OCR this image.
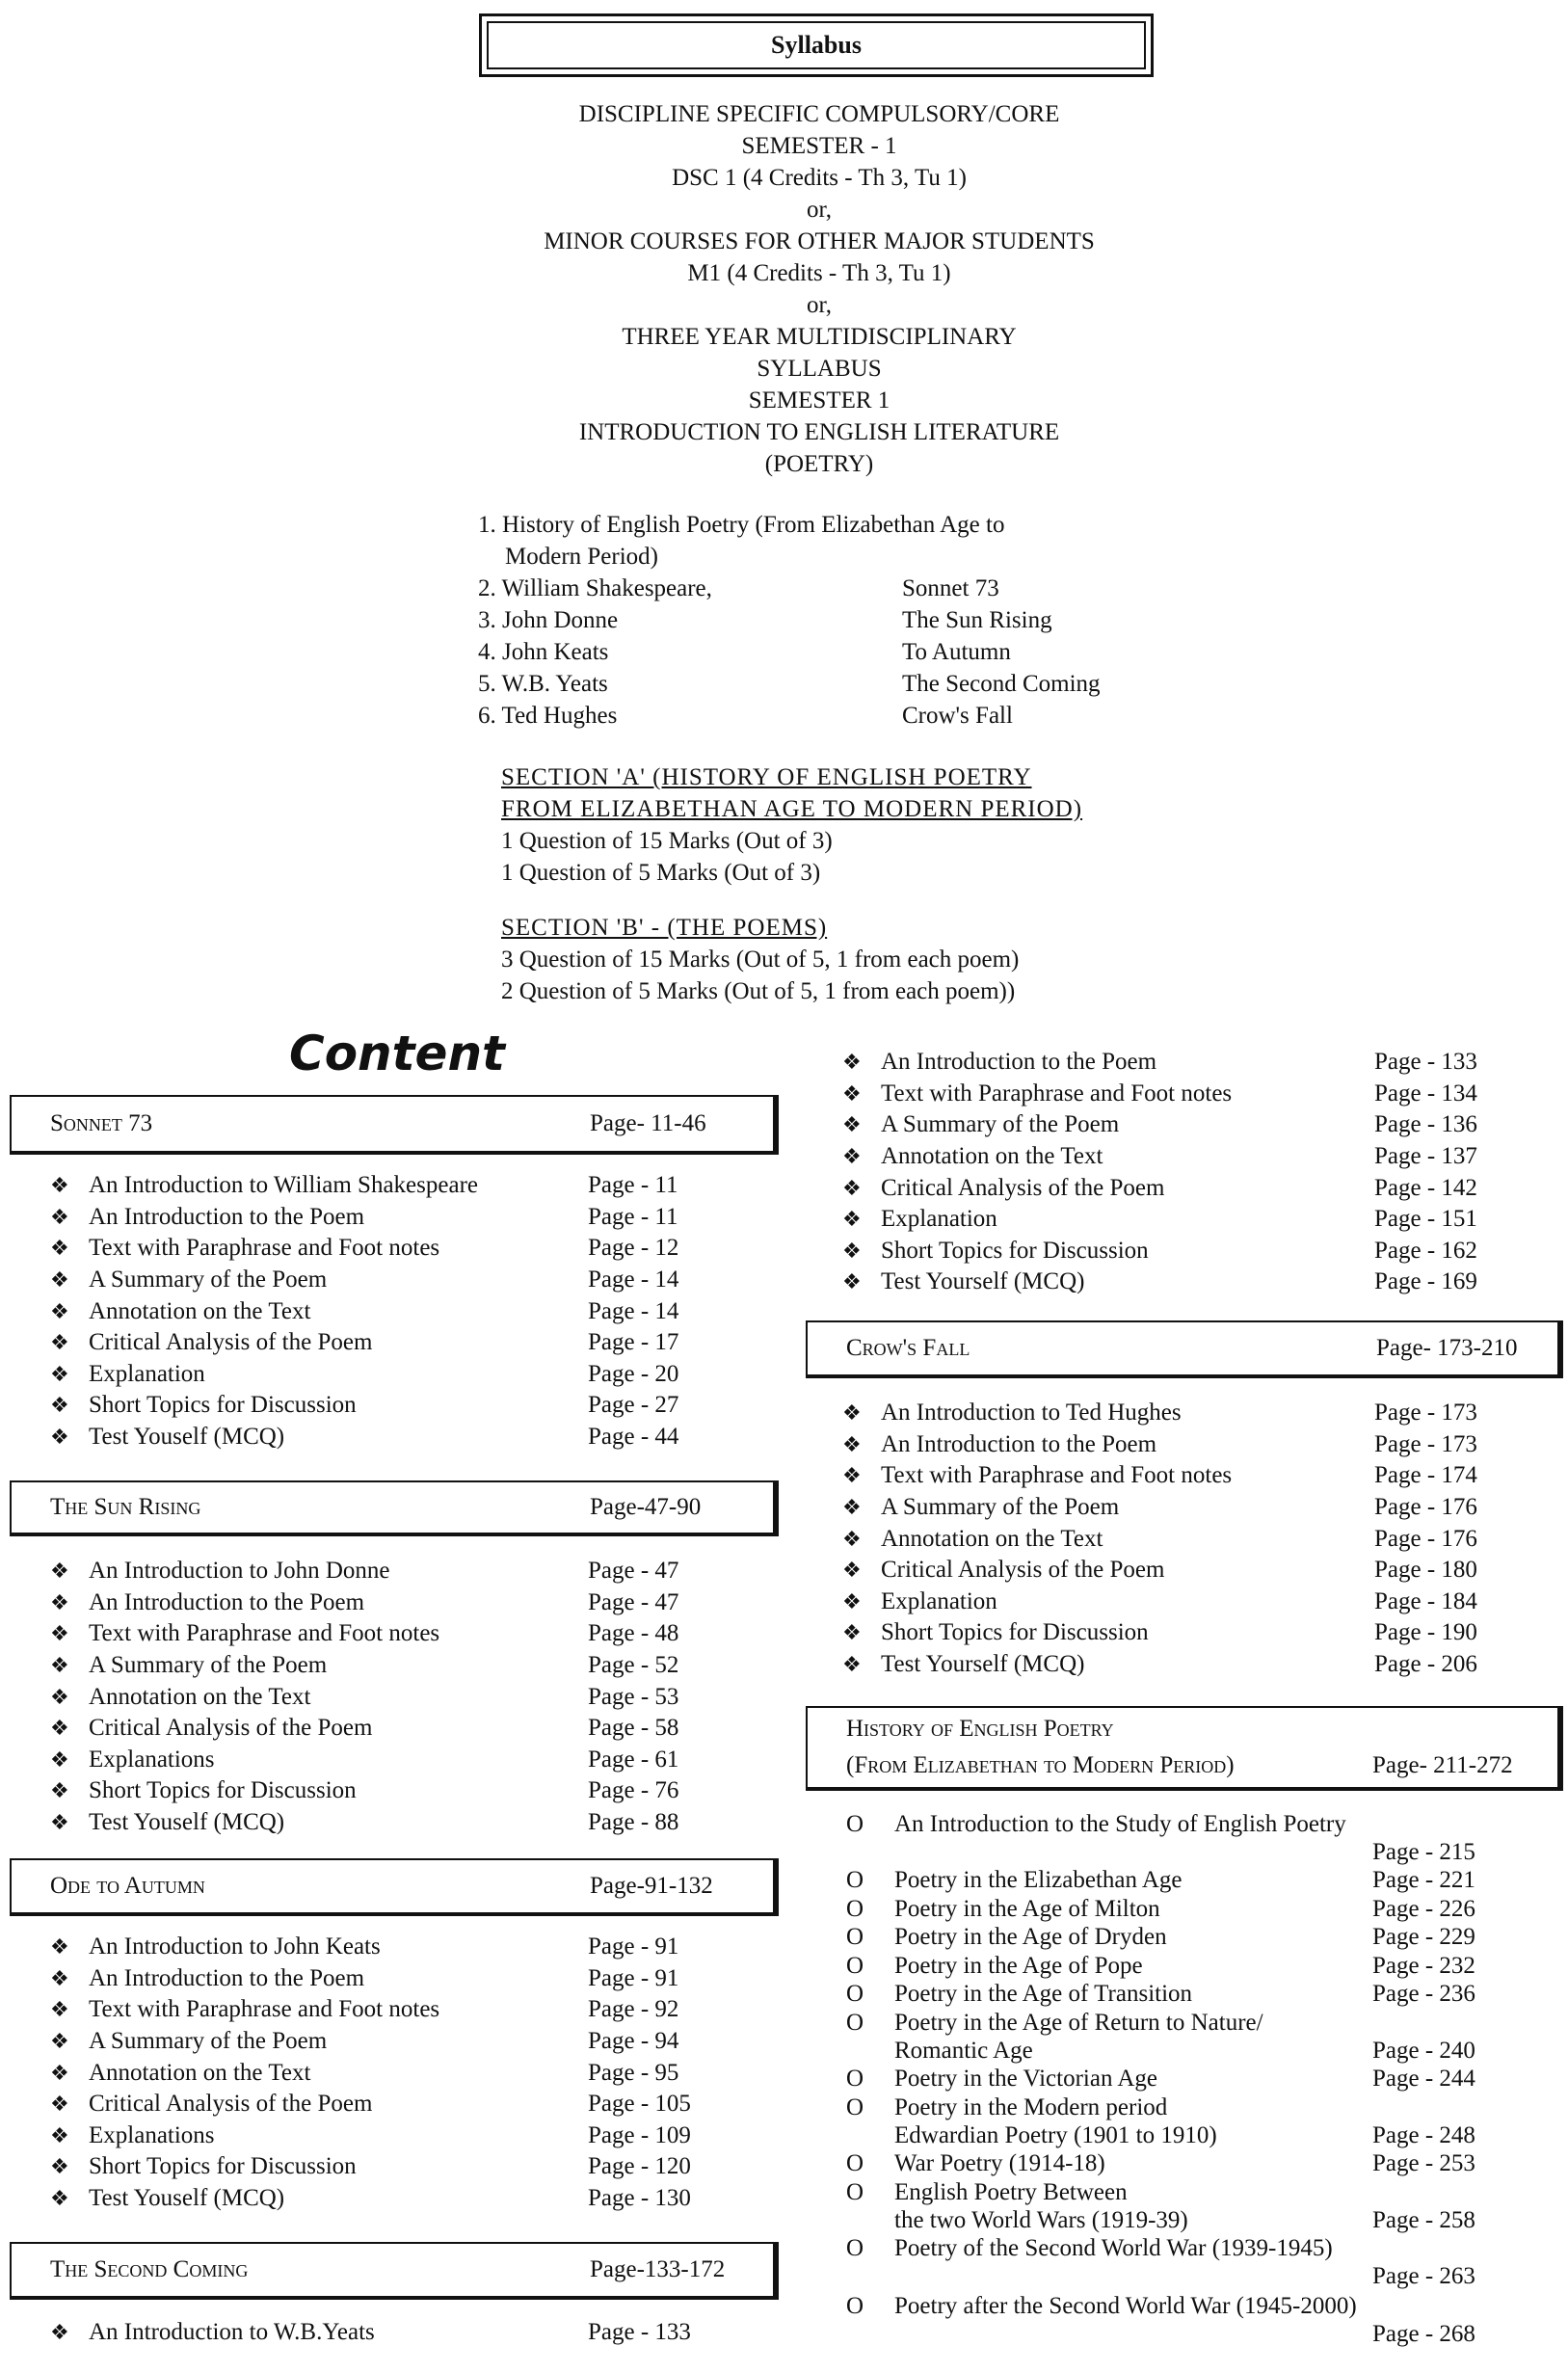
Syllabus
DISCIPLINE SPECIFIC COMPULSORY/CORE
SEMESTER - 1
DSC 1 (4 Credits - Th 3, Tu 1)
or,
MINOR COURSES FOR OTHER MAJOR STUDENTS
M1 (4 Credits - Th 3, Tu 1)
or,
THREE YEAR MULTIDISCIPLINARY
SYLLABUS
SEMESTER 1
INTRODUCTION TO ENGLISH LITERATURE
(POETRY)
1. History of English Poetry (From Elizabethan Age to
Modern Period)
2. William Shakespeare,	Sonnet 73
3. John Donne	The Sun Rising
4. John Keats	To Autumn
5. W.B. Yeats	The Second Coming
6. Ted Hughes	Crow's Fall
SECTION 'A' (HISTORY OF ENGLISH POETRY
FROM ELIZABETHAN AGE TO MODERN PERIOD)
1 Question of 15 Marks (Out of 3)
1 Question of 5 Marks (Out of 3)
SECTION 'B' - (THE POEMS)
3 Question of 15 Marks (Out of 5, 1 from each poem)
2 Question of 5 Marks (Out of 5, 1 from each poem))
Content
Sonnet 73	Page- 11-46
❖ An Introduction to William Shakespeare	Page - 11
❖ An Introduction to the Poem	Page - 11
❖ Text with Paraphrase and Foot notes	Page - 12
❖ A Summary of the Poem	Page - 14
❖ Annotation on the Text	Page - 14
❖ Critical Analysis of the Poem	Page - 17
❖ Explanation	Page - 20
❖ Short Topics for Discussion	Page - 27
❖ Test Youself (MCQ)	Page - 44
The Sun Rising	Page-47-90
❖ An Introduction to John Donne	Page - 47
❖ An Introduction to the Poem	Page - 47
❖ Text with Paraphrase and Foot notes	Page - 48
❖ A Summary of the Poem	Page - 52
❖ Annotation on the Text	Page - 53
❖ Critical Analysis of the Poem	Page - 58
❖ Explanations	Page - 61
❖ Short Topics for Discussion	Page - 76
❖ Test Youself (MCQ)	Page - 88
Ode to Autumn	Page-91-132
❖ An Introduction to John Keats	Page - 91
❖ An Introduction to the Poem	Page - 91
❖ Text with Paraphrase and Foot notes	Page - 92
❖ A Summary of the Poem	Page - 94
❖ Annotation on the Text	Page - 95
❖ Critical Analysis of the Poem	Page - 105
❖ Explanations	Page - 109
❖ Short Topics for Discussion	Page - 120
❖ Test Youself (MCQ)	Page - 130
The Second Coming	Page-133-172
❖ An Introduction to W.B.Yeats	Page - 133
❖ An Introduction to the Poem	Page - 133
❖ Text with Paraphrase and Foot notes	Page - 134
❖ A Summary of the Poem	Page - 136
❖ Annotation on the Text	Page - 137
❖ Critical Analysis of the Poem	Page - 142
❖ Explanation	Page - 151
❖ Short Topics for Discussion	Page - 162
❖ Test Yourself (MCQ)	Page - 169
Crow's Fall	Page- 173-210
❖ An Introduction to Ted Hughes	Page - 173
❖ An Introduction to the Poem	Page - 173
❖ Text with Paraphrase and Foot notes	Page - 174
❖ A Summary of the Poem	Page - 176
❖ Annotation on the Text	Page - 176
❖ Critical Analysis of the Poem	Page - 180
❖ Explanation	Page - 184
❖ Short Topics for Discussion	Page - 190
❖ Test Yourself (MCQ)	Page - 206
History of English Poetry
(From Elizabethan to Modern Period)	Page- 211-272
O An Introduction to the Study of English Poetry
Page - 215
O Poetry in the Elizabethan Age	Page - 221
O Poetry in the Age of Milton	Page - 226
O Poetry in the Age of Dryden	Page - 229
O Poetry in the Age of Pope	Page - 232
O Poetry in the Age of Transition	Page - 236
O Poetry in the Age of Return to Nature/
Romantic Age	Page - 240
O Poetry in the Victorian Age	Page - 244
O Poetry in the Modern period
Edwardian Poetry (1901 to 1910)	Page - 248
O War Poetry (1914-18)	Page - 253
O English Poetry Between
the two World Wars (1919-39)	Page - 258
O Poetry of the Second World War (1939-1945)
Page - 263
O Poetry after the Second World War (1945-2000)
Page - 268
